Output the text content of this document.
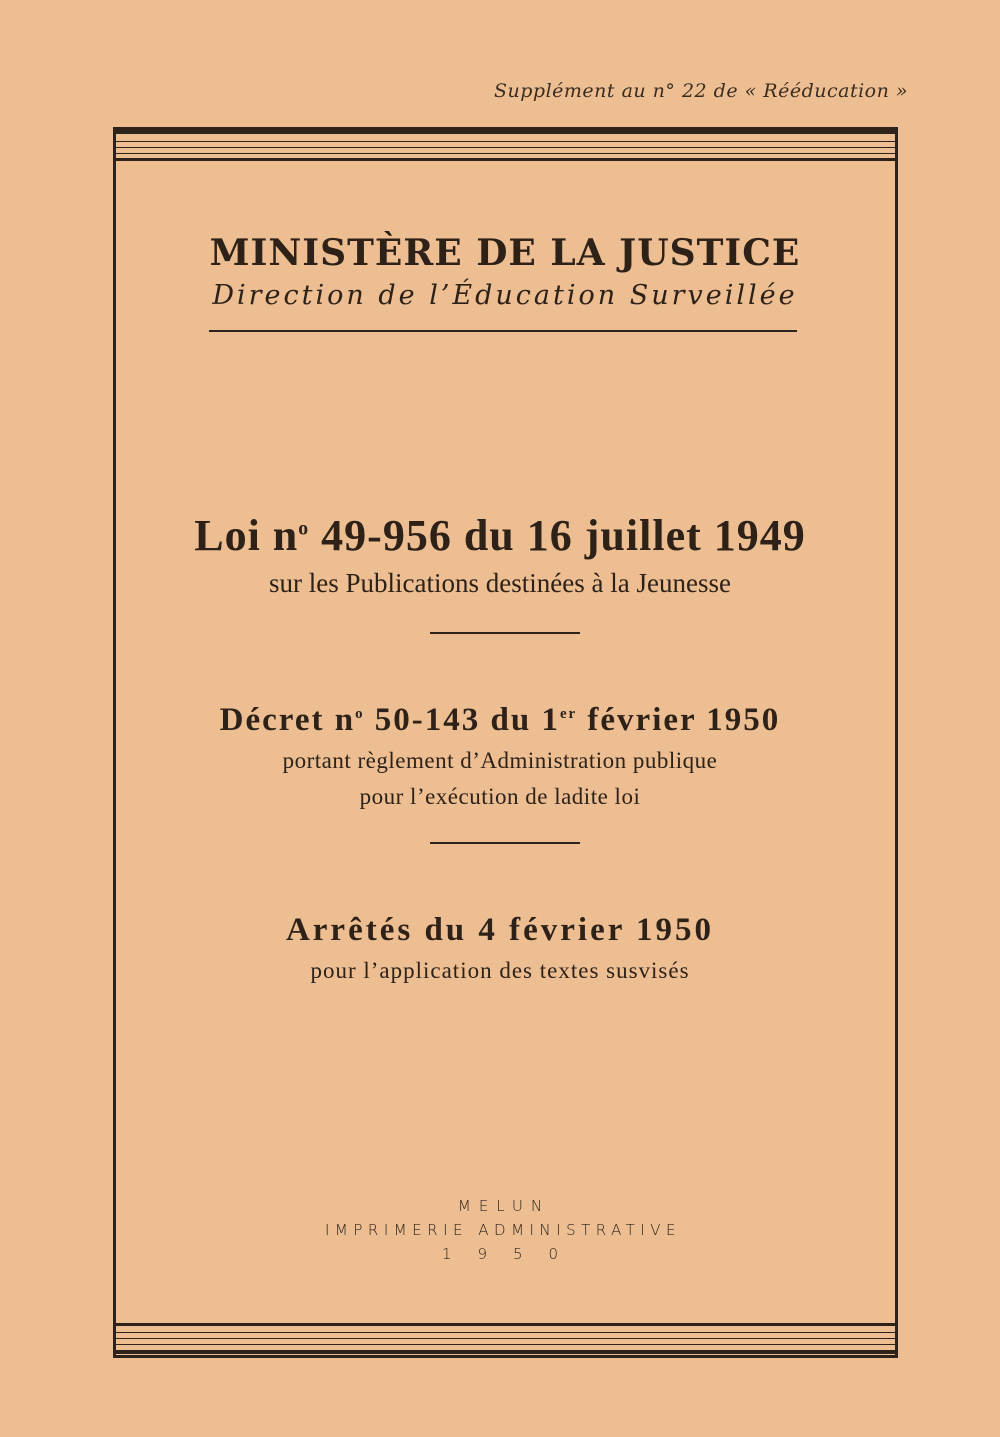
Supplément au n° 22 de « Rééducation »
MINISTÈRE DE LA JUSTICE
Direction de l’Éducation Surveillée
Loi $n^o$ 49-956 du 16 juillet 1949
sur les Publications destinées à la Jeunesse
Décret $n^o$ 50-143 du 1er février 1950
portant règlement d’Administration publique
pour l’exécution de ladite loi
Arrêtés du 4 février 1950
pour l’application des textes susvisés
MELUN
IMPRIMERIE ADMINISTRATIVE
1950
